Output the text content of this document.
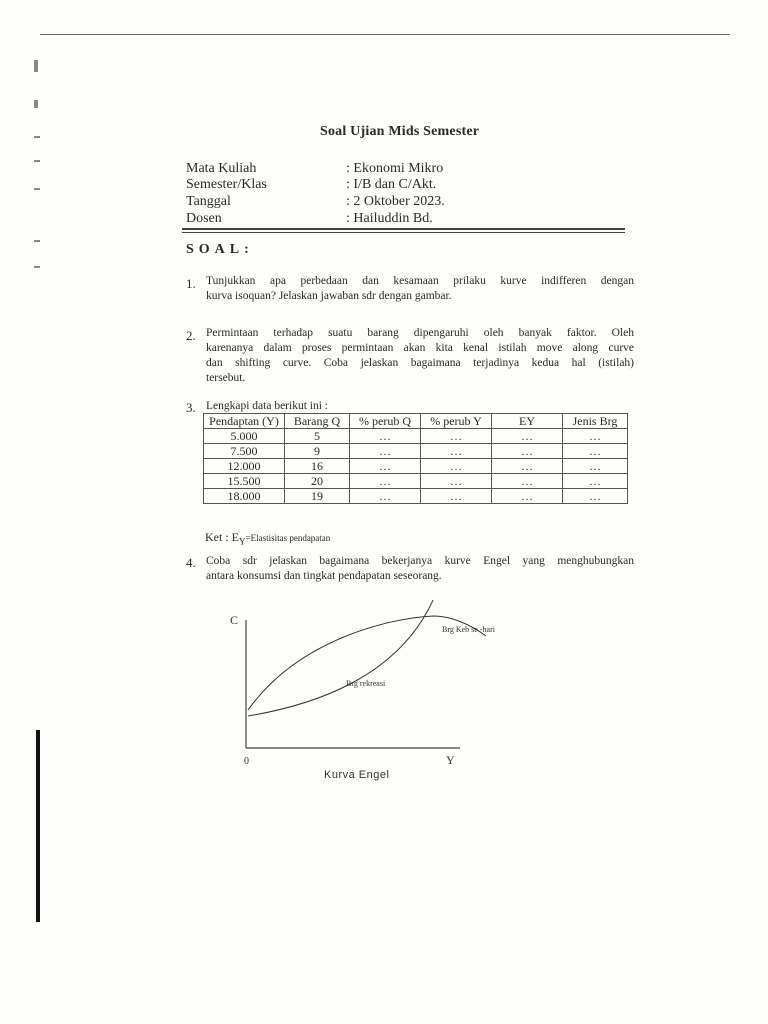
Soal Ujian Mids Semester
Mata Kuliah	: Ekonomi Mikro
Semester/Klas	: I/B dan C/Akt.
Tanggal	: 2 Oktober 2023.
Dosen	: Hailuddin Bd.
SOAL:
1. Tunjukkan apa perbedaan dan kesamaan prilaku kurve indifferen dengan
kurva isoquan? Jelaskan jawaban sdr dengan gambar.
2. Permintaan terhadap suatu barang dipengaruhi oleh banyak faktor. Oleh
karenanya dalam proses permintaan akan kita kenal istilah move along curve
dan shifting curve. Coba jelaskan bagaimana terjadinya kedua hal (istilah)
tersebut.
3. Lengkapi data berikut ini :
Pendaptan (Y)	Barang Q	% perub Q	% perub Y	EY	Jenis Brg
5.000	5	…	…	…	…
7.500	9	…	…	…	…
12.000	16	…	…	…	…
15.500	20	…	…	…	…
18.000	19	…	…	…	…
Ket : $E_Y=Elastisitas$ pendapatan
4. Coba sdr jelaskan bagaimana bekerjanya kurve Engel yang menghubungkan
antara konsumsi dan tingkat pendapatan seseorang.
C
Y
0
Brg Keb se -hari
Brg rekreasi
Kurva Engel
